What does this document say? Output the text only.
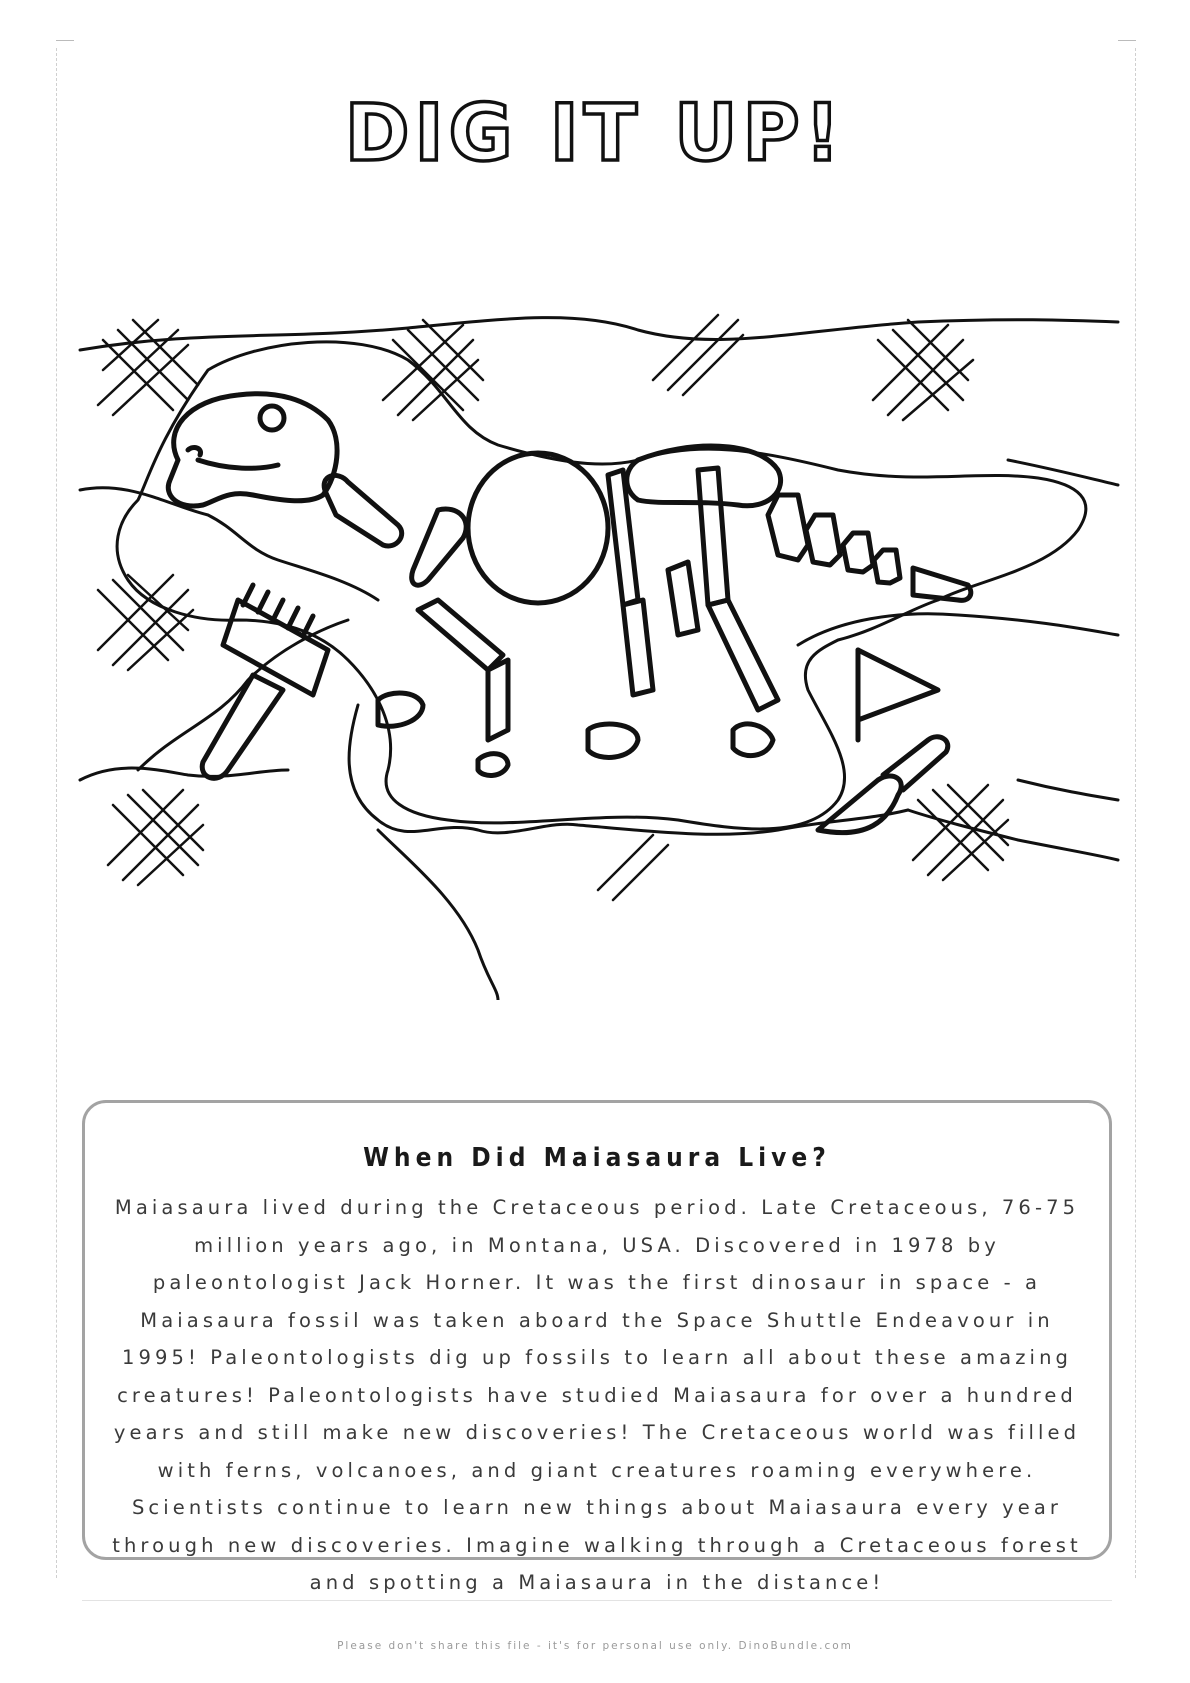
DIG IT UP!
When Did Maiasaura Live?
Maiasaura lived during the Cretaceous period. Late Cretaceous, 76-75 million years ago, in Montana, USA. Discovered in 1978 by paleontologist Jack Horner. It was the first dinosaur in space - a Maiasaura fossil was taken aboard the Space Shuttle Endeavour in 1995! Paleontologists dig up fossils to learn all about these amazing creatures! Paleontologists have studied Maiasaura for over a hundred years and still make new discoveries! The Cretaceous world was filled with ferns, volcanoes, and giant creatures roaming everywhere. Scientists continue to learn new things about Maiasaura every year through new discoveries. Imagine walking through a Cretaceous forest and spotting a Maiasaura in the distance!
Please don't share this file - it's for personal use only. DinoBundle.com
